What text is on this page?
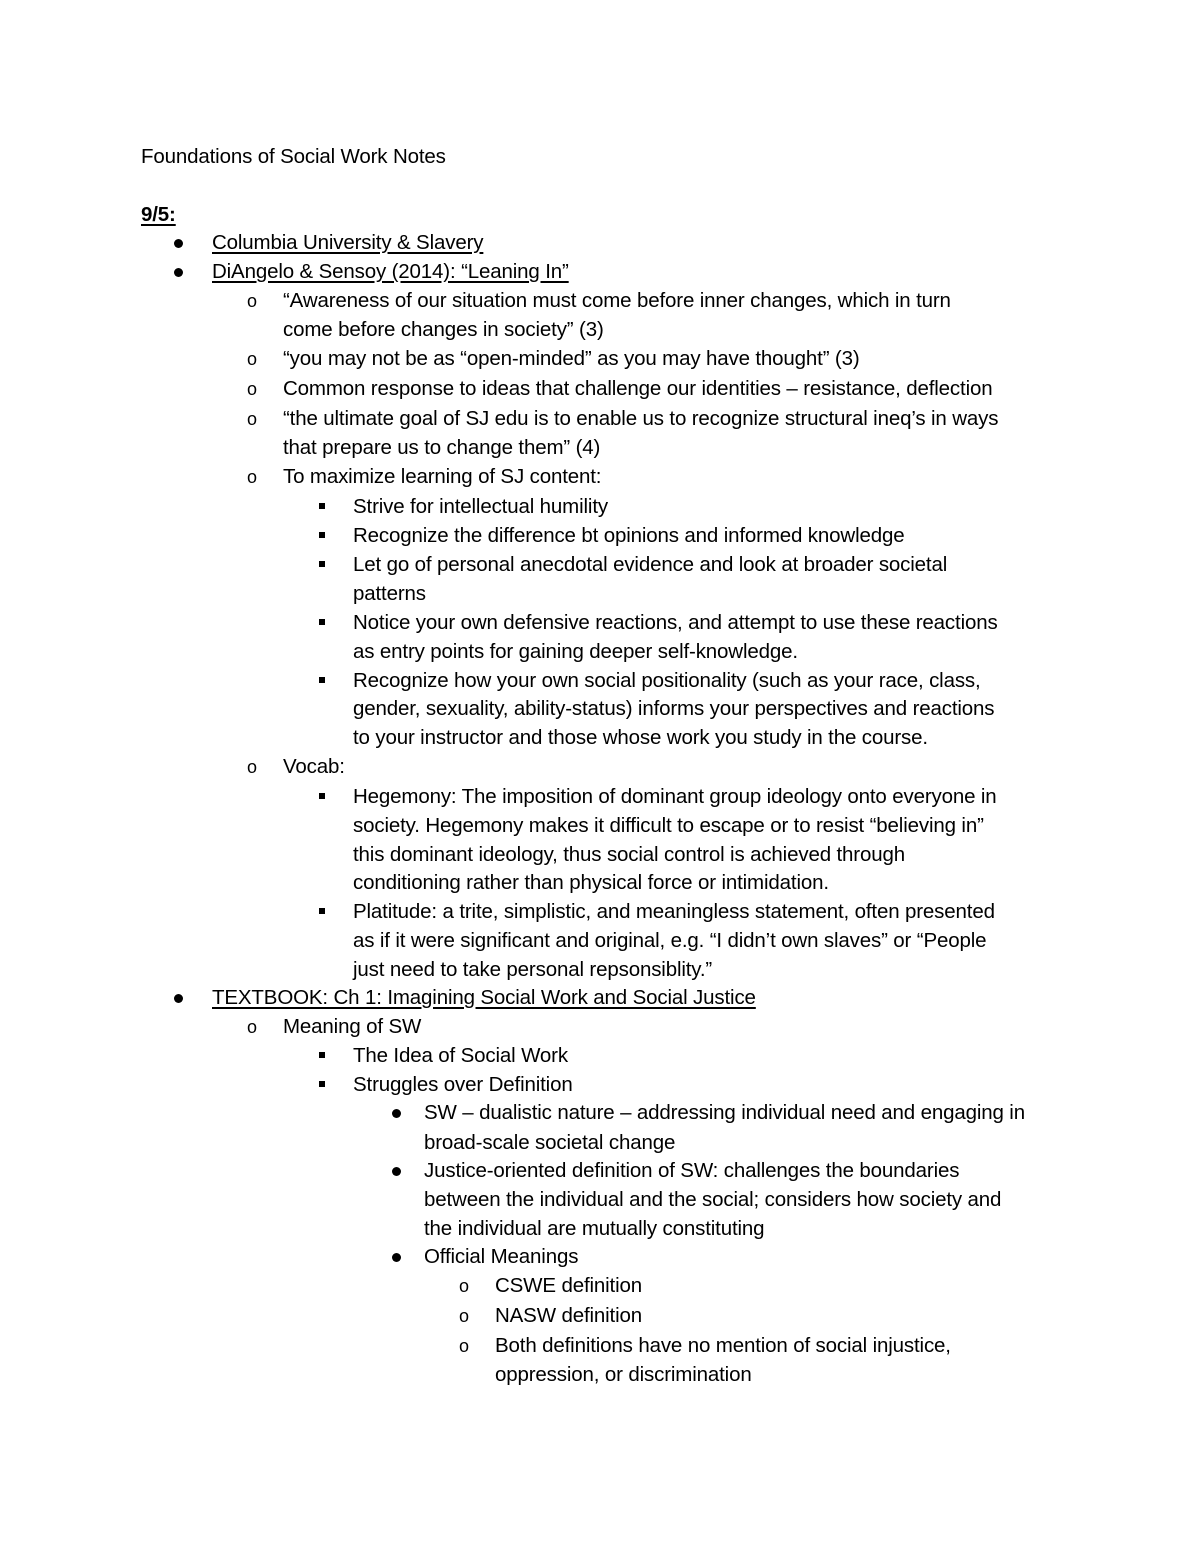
Foundations of Social Work Notes
9/5:
Columbia University & Slavery
DiAngelo & Sensoy (2014): “Leaning In”
o “Awareness of our situation must come before inner changes, which in turn
come before changes in society” (3)
o “you may not be as “open-minded” as you may have thought” (3)
o Common response to ideas that challenge our identities – resistance, deflection
o “the ultimate goal of SJ edu is to enable us to recognize structural ineq’s in ways
that prepare us to change them” (4)
o To maximize learning of SJ content:
Strive for intellectual humility
Recognize the difference bt opinions and informed knowledge
Let go of personal anecdotal evidence and look at broader societal
patterns
Notice your own defensive reactions, and attempt to use these reactions
as entry points for gaining deeper self-knowledge.
Recognize how your own social positionality (such as your race, class,
gender, sexuality, ability-status) informs your perspectives and reactions
to your instructor and those whose work you study in the course.
o Vocab:
Hegemony: The imposition of dominant group ideology onto everyone in
society. Hegemony makes it difficult to escape or to resist “believing in”
this dominant ideology, thus social control is achieved through
conditioning rather than physical force or intimidation.
Platitude: a trite, simplistic, and meaningless statement, often presented
as if it were significant and original, e.g. “I didn’t own slaves” or “People
just need to take personal repsonsiblity.”
TEXTBOOK: Ch 1: Imagining Social Work and Social Justice
o Meaning of SW
The Idea of Social Work
Struggles over Definition
SW – dualistic nature – addressing individual need and engaging in
broad-scale societal change
Justice-oriented definition of SW: challenges the boundaries
between the individual and the social; considers how society and
the individual are mutually constituting
Official Meanings
o CSWE definition
o NASW definition
o Both definitions have no mention of social injustice,
oppression, or discrimination
